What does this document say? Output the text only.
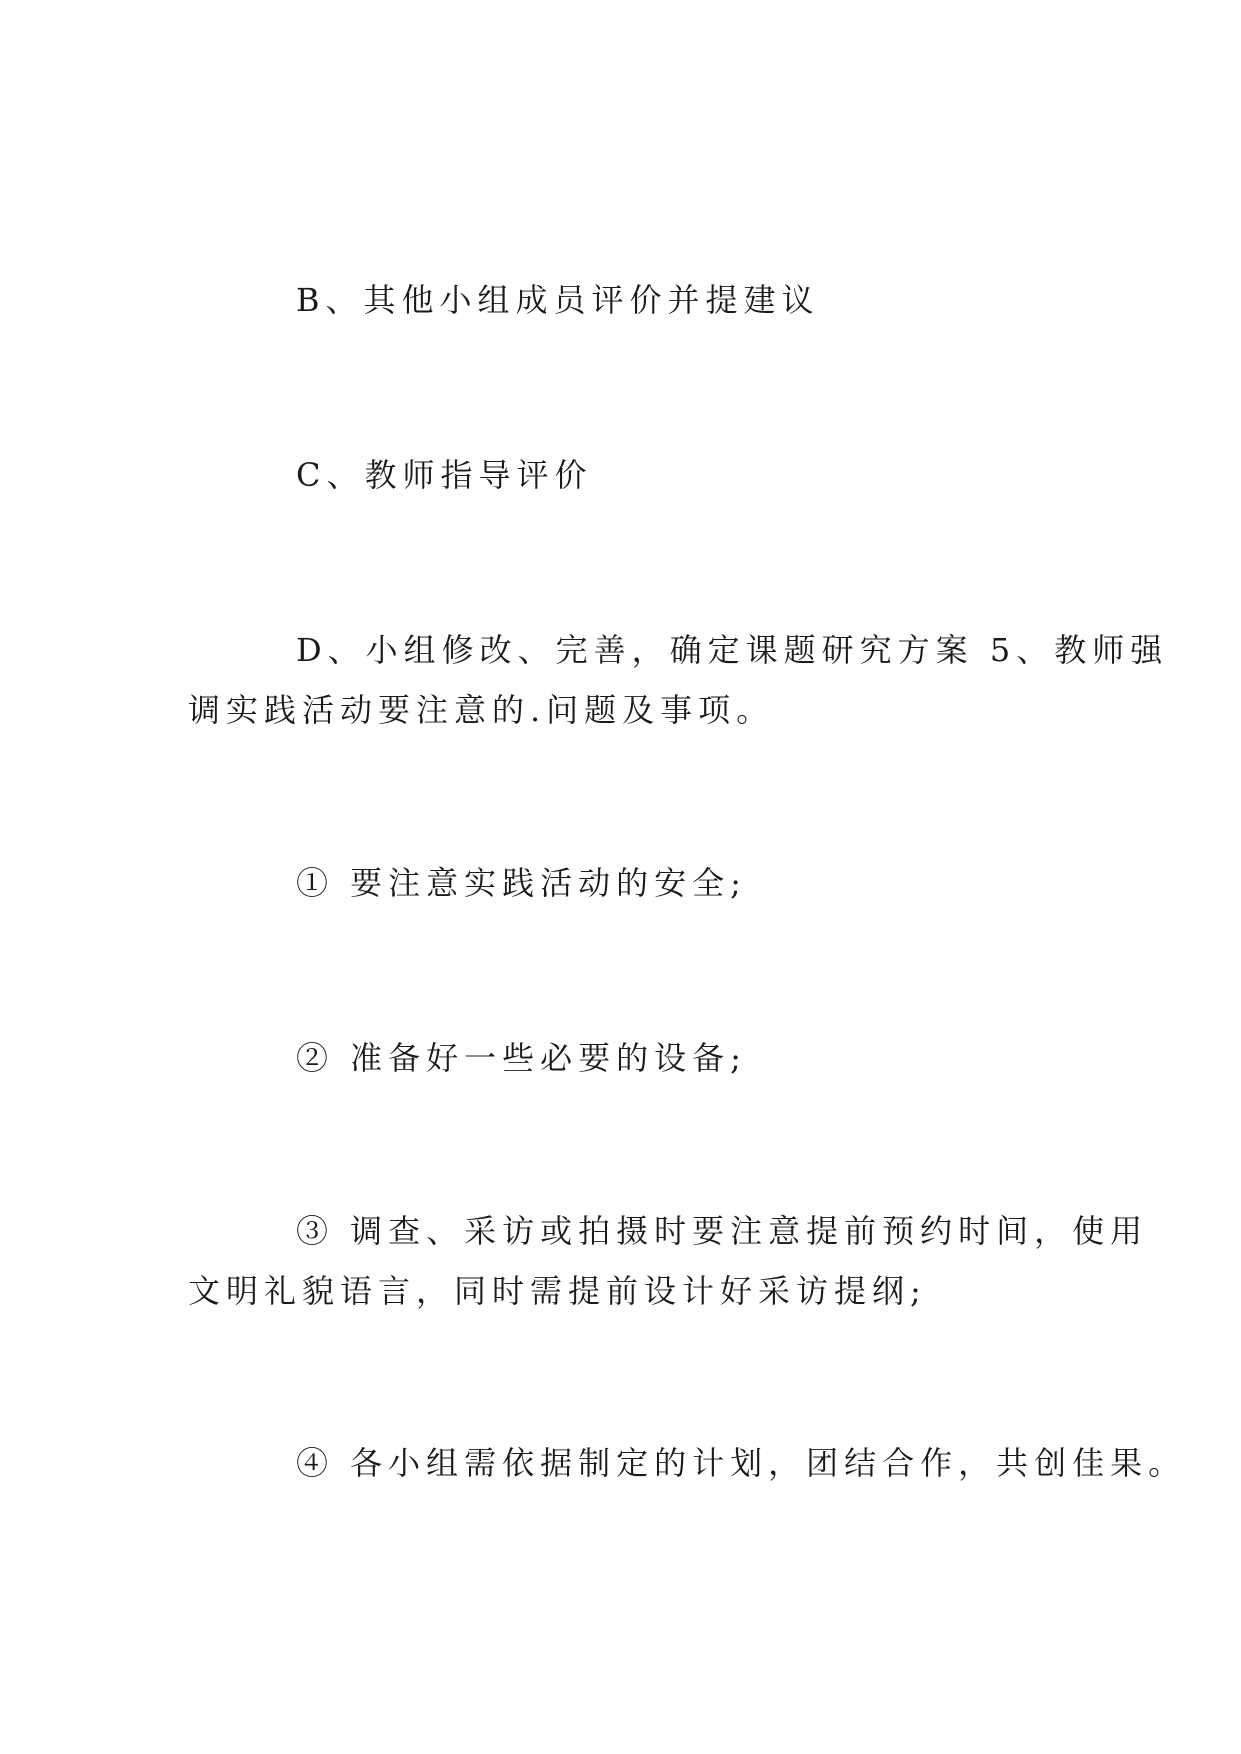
B、其他小组成员评价并提建议
C、教师指导评价
D、小组修改、完善，确定课题研究方案 5、教师强
调实践活动要注意的.问题及事项。
① 要注意实践活动的安全;
② 准备好一些必要的设备;
③ 调查、采访或拍摄时要注意提前预约时间，使用
文明礼貌语言，同时需提前设计好采访提纲;
④ 各小组需依据制定的计划，团结合作，共创佳果。
